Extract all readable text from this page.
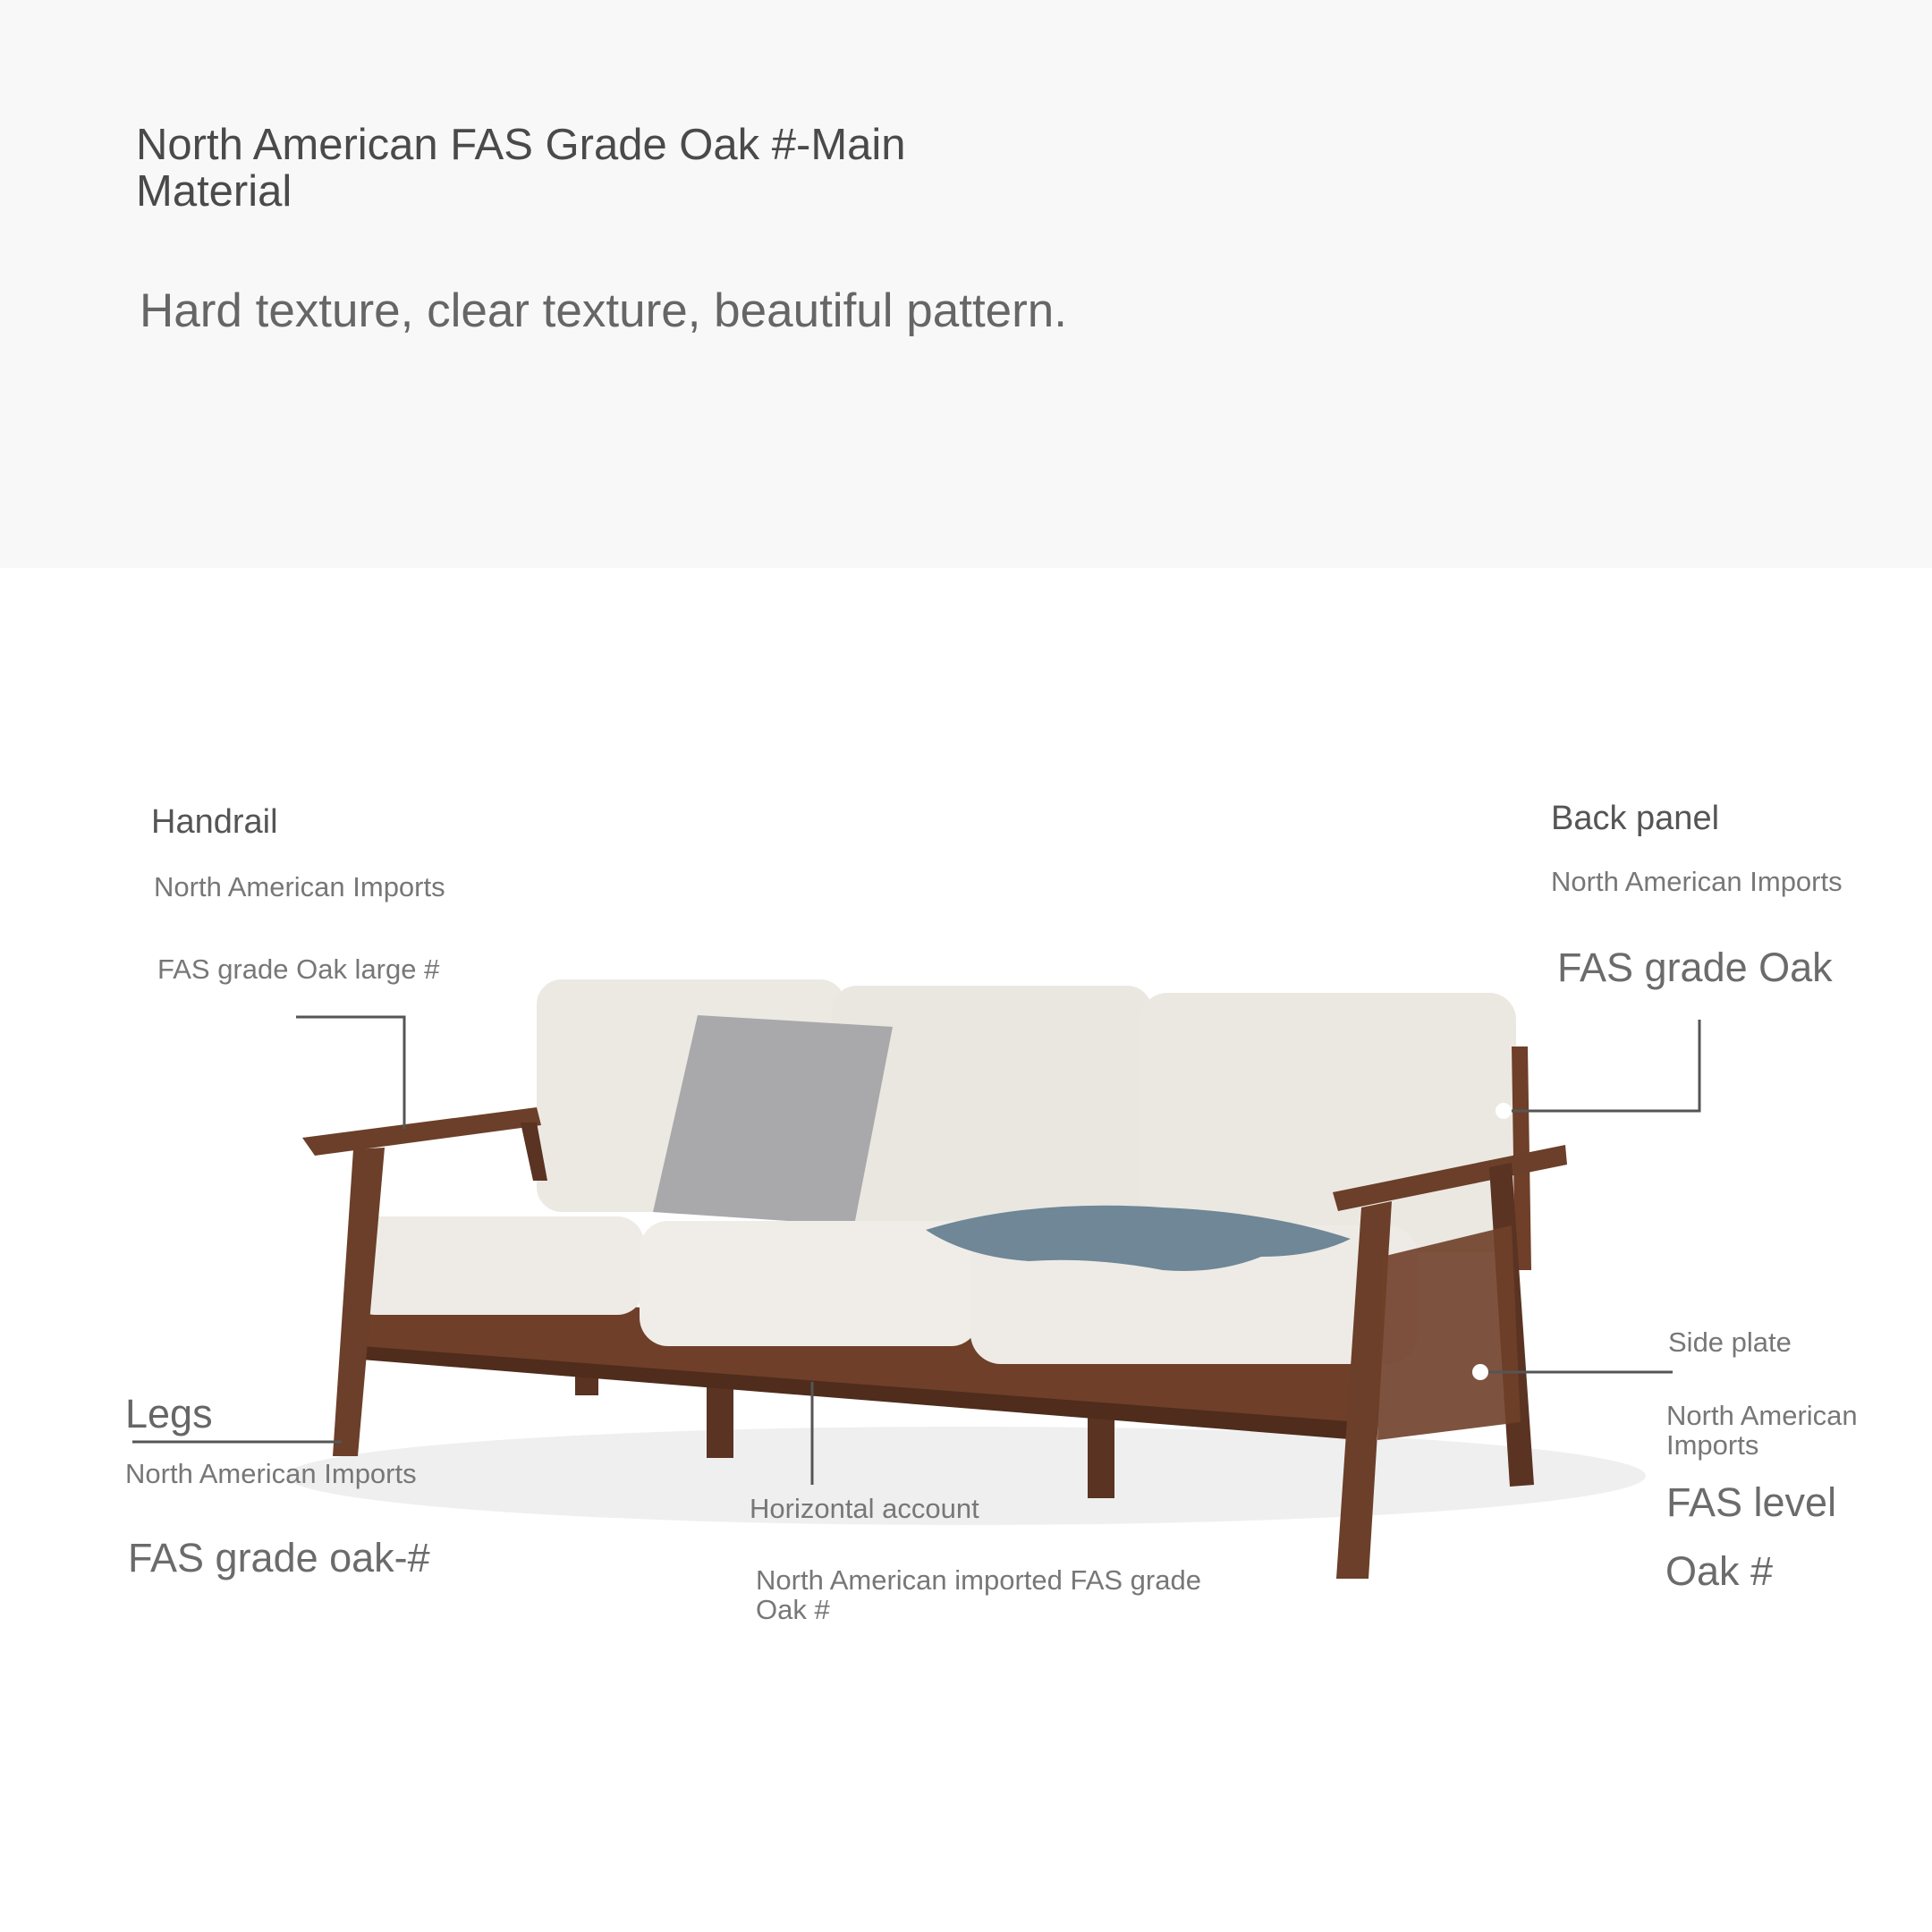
North American FAS Grade Oak #-Main Material
Hard texture, clear texture, beautiful pattern.
Handrail
North American Imports
FAS grade Oak large #
Back panel
North American Imports
FAS grade Oak
Legs
North American Imports
FAS grade oak-#
Horizontal account
North American imported FAS grade Oak #
Side plate
North American Imports
FAS level
Oak #
